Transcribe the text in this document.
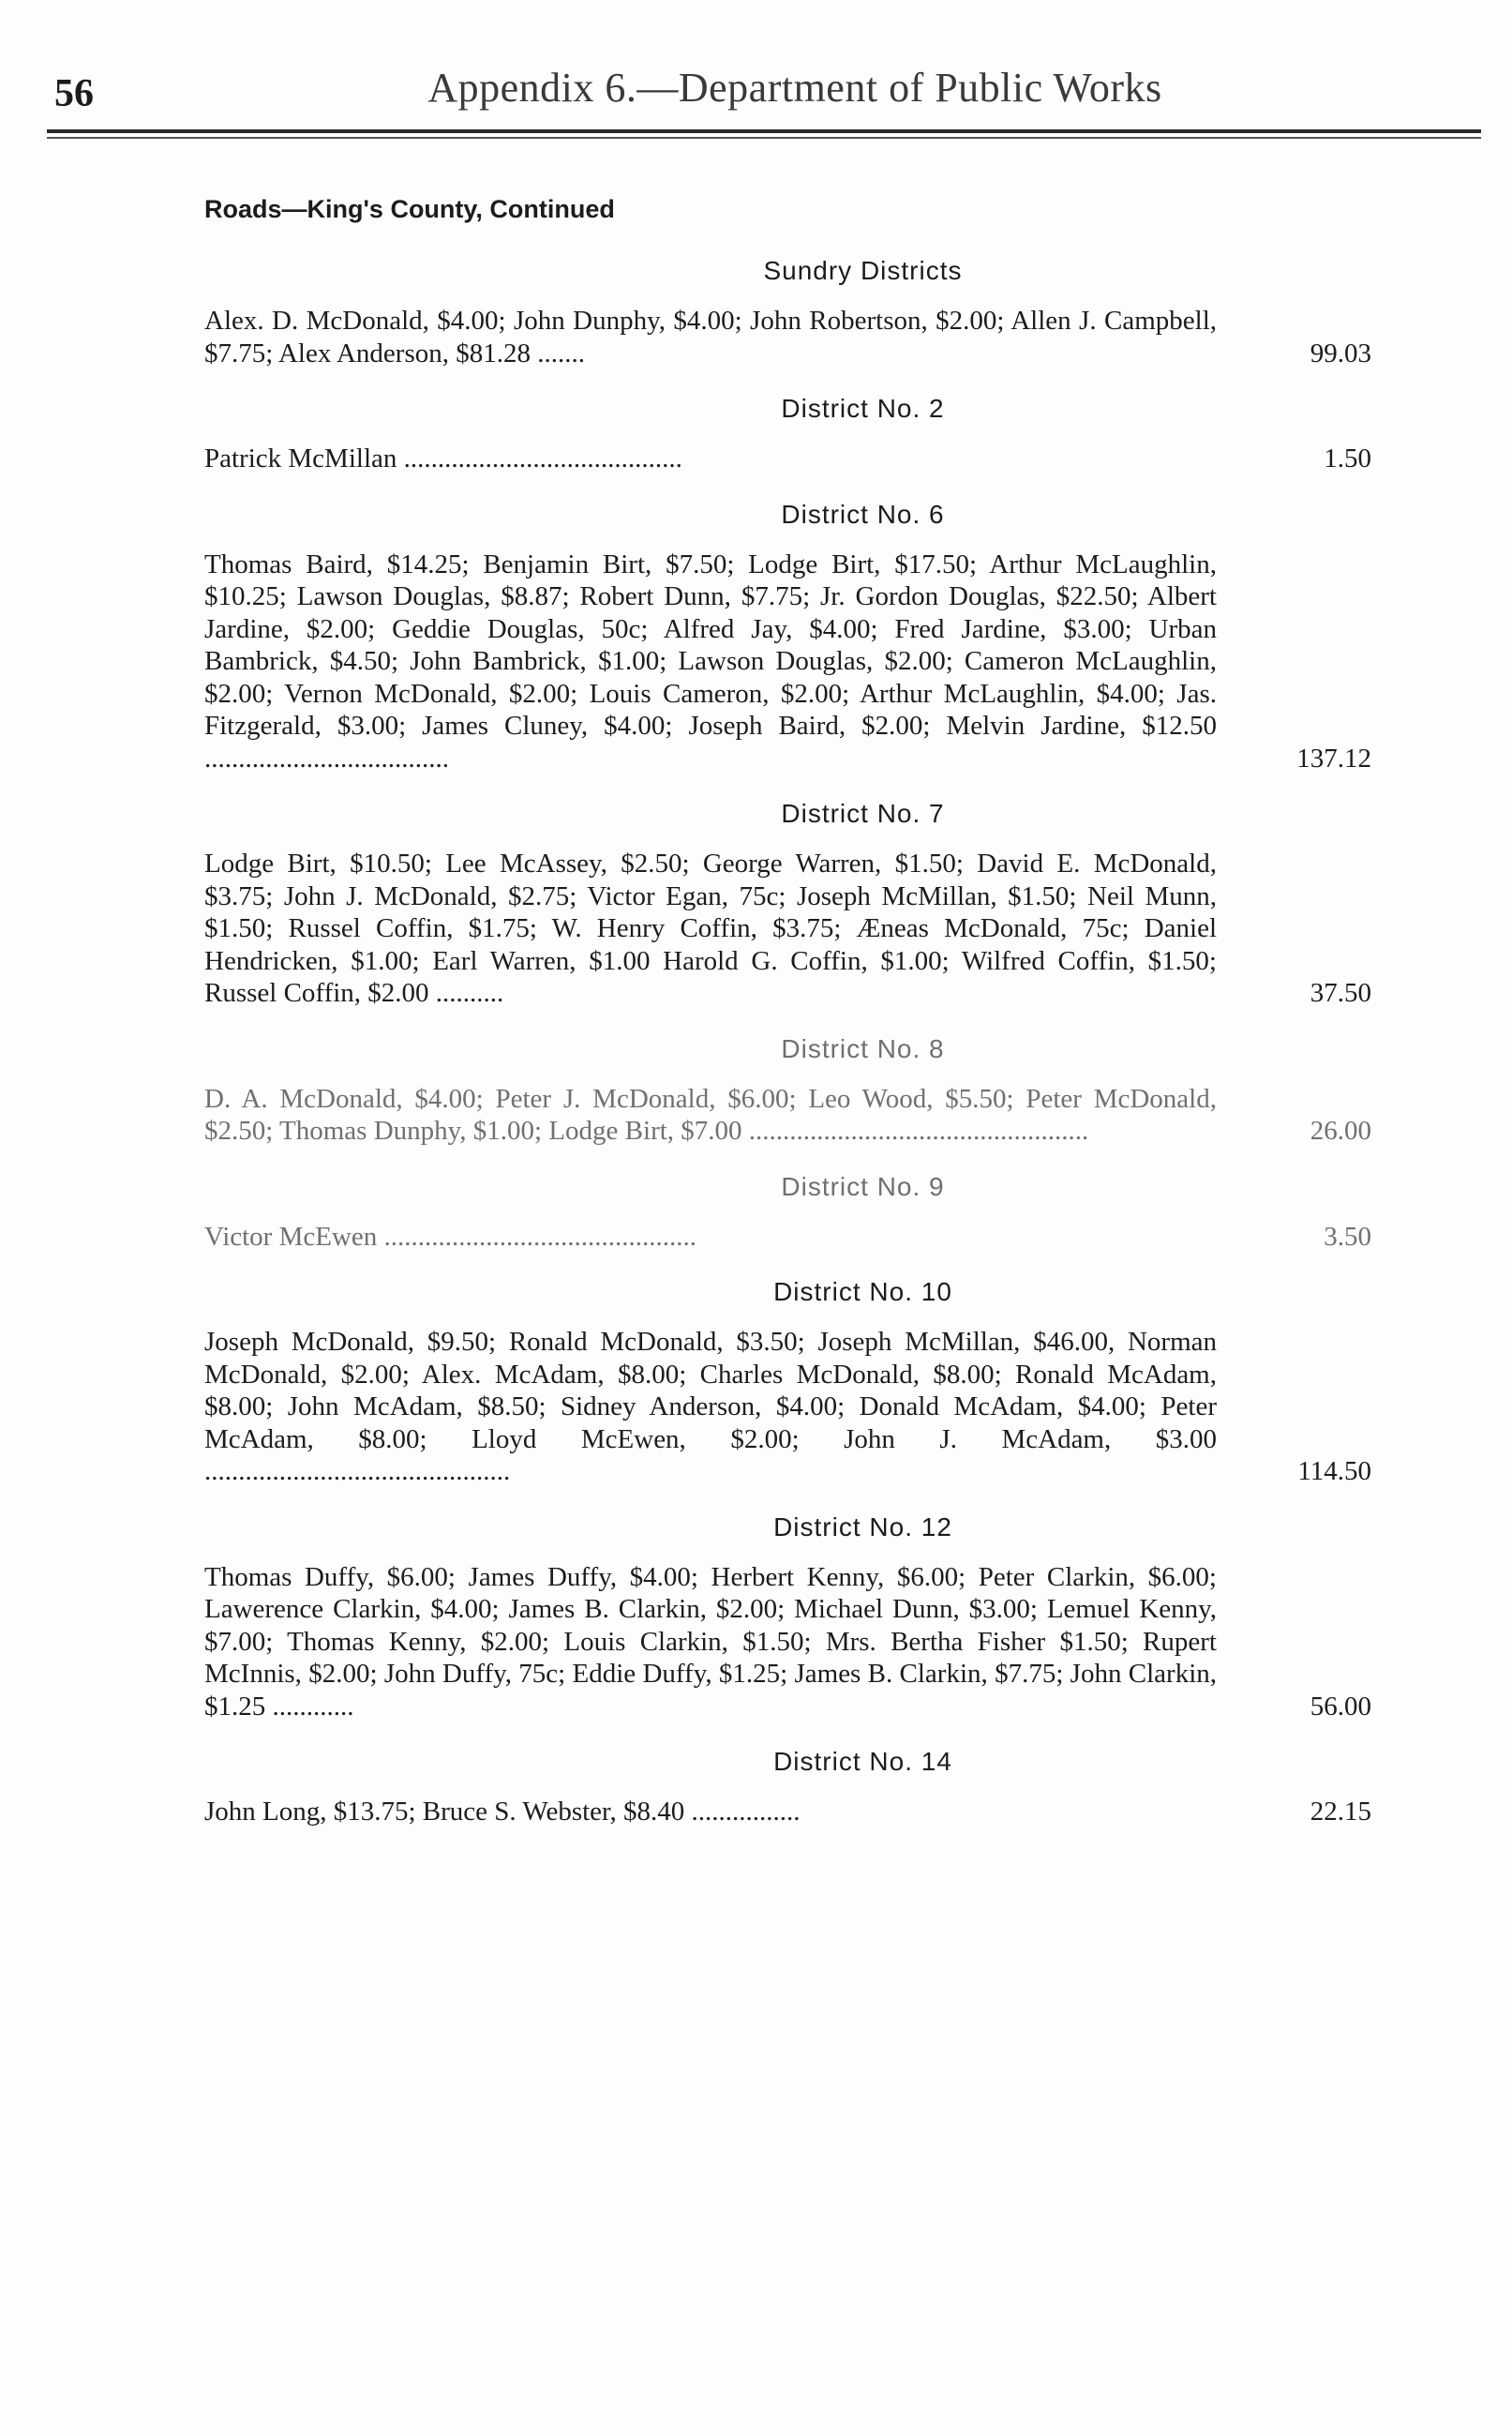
56	Appendix 6.—Department of Public Works
Roads—King's County, Continued
Sundry Districts

Alex. D. McDonald, $4.00; John Dunphy, $4.00; John Robertson, $2.00; Allen J. Campbell, $7.75; Alex Anderson, $81.28 .......	99.03
District No. 2

Patrick McMillan .........................................	1.50
District No. 6

Thomas Baird, $14.25; Benjamin Birt, $7.50; Lodge Birt, $17.50; Arthur McLaughlin, $10.25; Lawson Douglas, $8.87; Robert Dunn, $7.75; Jr. Gordon Douglas, $22.50; Albert Jardine, $2.00; Geddie Douglas, 50c; Alfred Jay, $4.00; Fred Jardine, $3.00; Urban Bambrick, $4.50; John Bambrick, $1.00; Lawson Douglas, $2.00; Cameron McLaughlin, $2.00; Vernon McDonald, $2.00; Louis Cameron, $2.00; Arthur McLaughlin, $4.00; Jas. Fitzgerald, $3.00; James Cluney, $4.00; Joseph Baird, $2.00; Melvin Jardine, $12.50 ....................................	137.12
District No. 7

Lodge Birt, $10.50; Lee McAssey, $2.50; George Warren, $1.50; David E. McDonald, $3.75; John J. McDonald, $2.75; Victor Egan, 75c; Joseph McMillan, $1.50; Neil Munn, $1.50; Russel Coffin, $1.75; W. Henry Coffin, $3.75; Æneas McDonald, 75c; Daniel Hendricken, $1.00; Earl Warren, $1.00 Harold G. Coffin, $1.00; Wilfred Coffin, $1.50; Russel Coffin, $2.00 ..........	37.50
District No. 8

D. A. McDonald, $4.00; Peter J. McDonald, $6.00; Leo Wood, $5.50; Peter McDonald, $2.50; Thomas Dunphy, $1.00; Lodge Birt, $7.00 ..................................................	26.00
District No. 9

Victor McEwen ..............................................	3.50
District No. 10

Joseph McDonald, $9.50; Ronald McDonald, $3.50; Joseph McMillan, $46.00, Norman McDonald, $2.00; Alex. McAdam, $8.00; Charles McDonald, $8.00; Ronald McAdam, $8.00; John McAdam, $8.50; Sidney Anderson, $4.00; Donald McAdam, $4.00; Peter McAdam, $8.00; Lloyd McEwen, $2.00; John J. McAdam, $3.00 .............................................	114.50
District No. 12

Thomas Duffy, $6.00; James Duffy, $4.00; Herbert Kenny, $6.00; Peter Clarkin, $6.00; Lawerence Clarkin, $4.00; James B. Clarkin, $2.00; Michael Dunn, $3.00; Lemuel Kenny, $7.00; Thomas Kenny, $2.00; Louis Clarkin, $1.50; Mrs. Bertha Fisher $1.50; Rupert McInnis, $2.00; John Duffy, 75c; Eddie Duffy, $1.25; James B. Clarkin, $7.75; John Clarkin, $1.25 ............	56.00
District No. 14

John Long, $13.75; Bruce S. Webster, $8.40 ................	22.15
